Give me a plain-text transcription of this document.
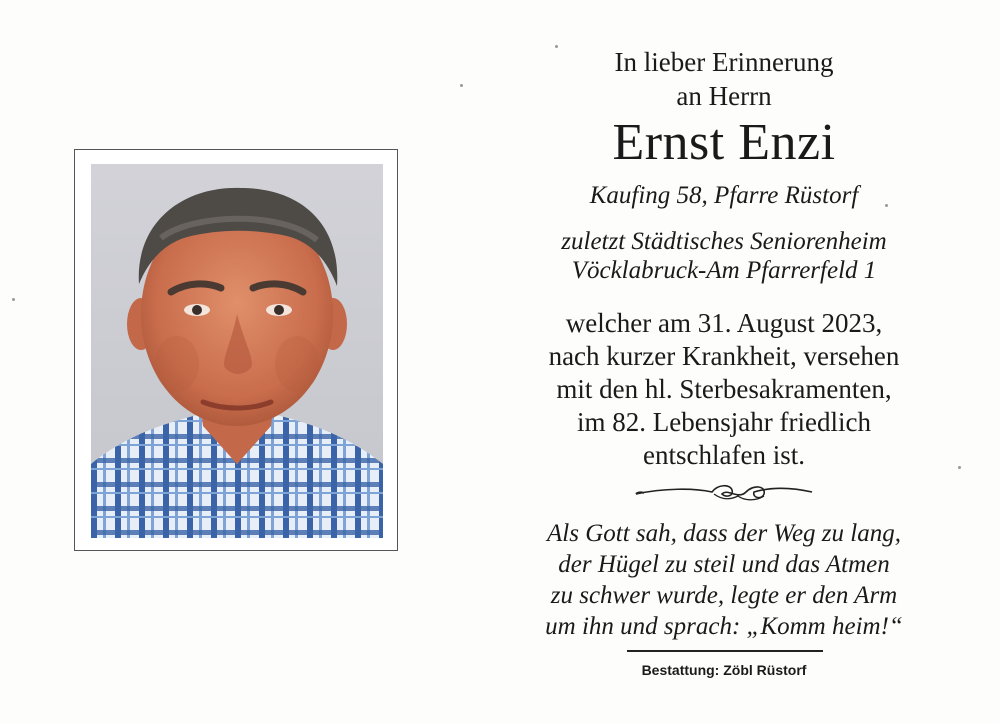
In lieber Erinnerung
an Herrn
Ernst Enzi
Kaufing 58, Pfarre Rüstorf
zuletzt Städtisches Seniorenheim
Vöcklabruck-Am Pfarrerfeld 1
welcher am 31. August 2023,
nach kurzer Krankheit, versehen
mit den hl. Sterbesakramenten,
im 82. Lebensjahr friedlich
entschlafen ist.
Als Gott sah, dass der Weg zu lang,
der Hügel zu steil und das Atmen
zu schwer wurde, legte er den Arm
um ihn und sprach: „Komm heim!“
Bestattung: Zöbl Rüstorf
